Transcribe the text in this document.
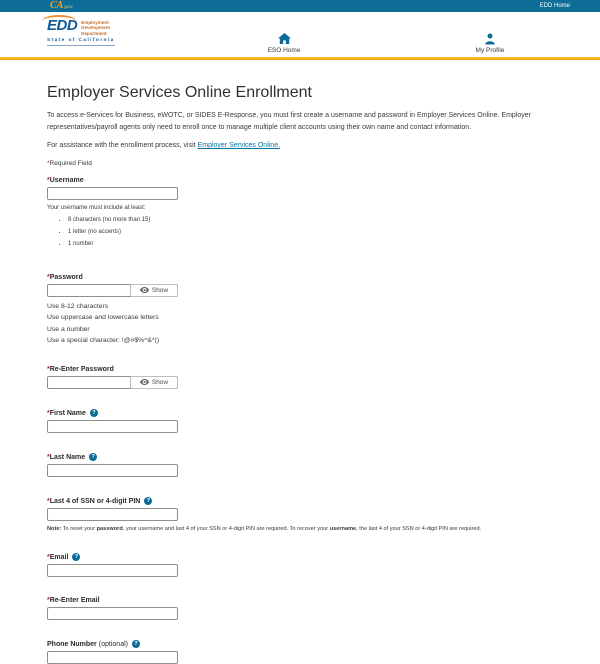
CA gov	EDD Home
EDD Employment
Development
Department
State of California
ESO Home	My Profile
Employer Services Online Enrollment

To access e-Services for Business, eWOTC, or SIDES E-Response, you must first create a username and password in Employer Services Online. Employer representatives/payroll agents only need to enroll once to manage multiple client accounts using their own name and contact information.

For assistance with the enrollment process, visit Employer Services Online.

*Required Field

* Username
Your username must include at least:
• 8 characters (no more than 15)
• 1 letter (no accents)
• 1 number
* Password
Show
Use 8-12 characters
Use uppercase and lowercase letters
Use a number
Use a special character: !@#$%^&*()
* Re-Enter Password
Show
* First Name	?
* Last Name	?
* Last 4 of SSN or 4-digit PIN	?
Note: To reset your password, your username and last 4 of your SSN or 4-digit PIN are required. To recover your username, the last 4 of your SSN or 4-digit PIN are required.
* Email	?
* Re-Enter Email
Phone Number (optional)	?
